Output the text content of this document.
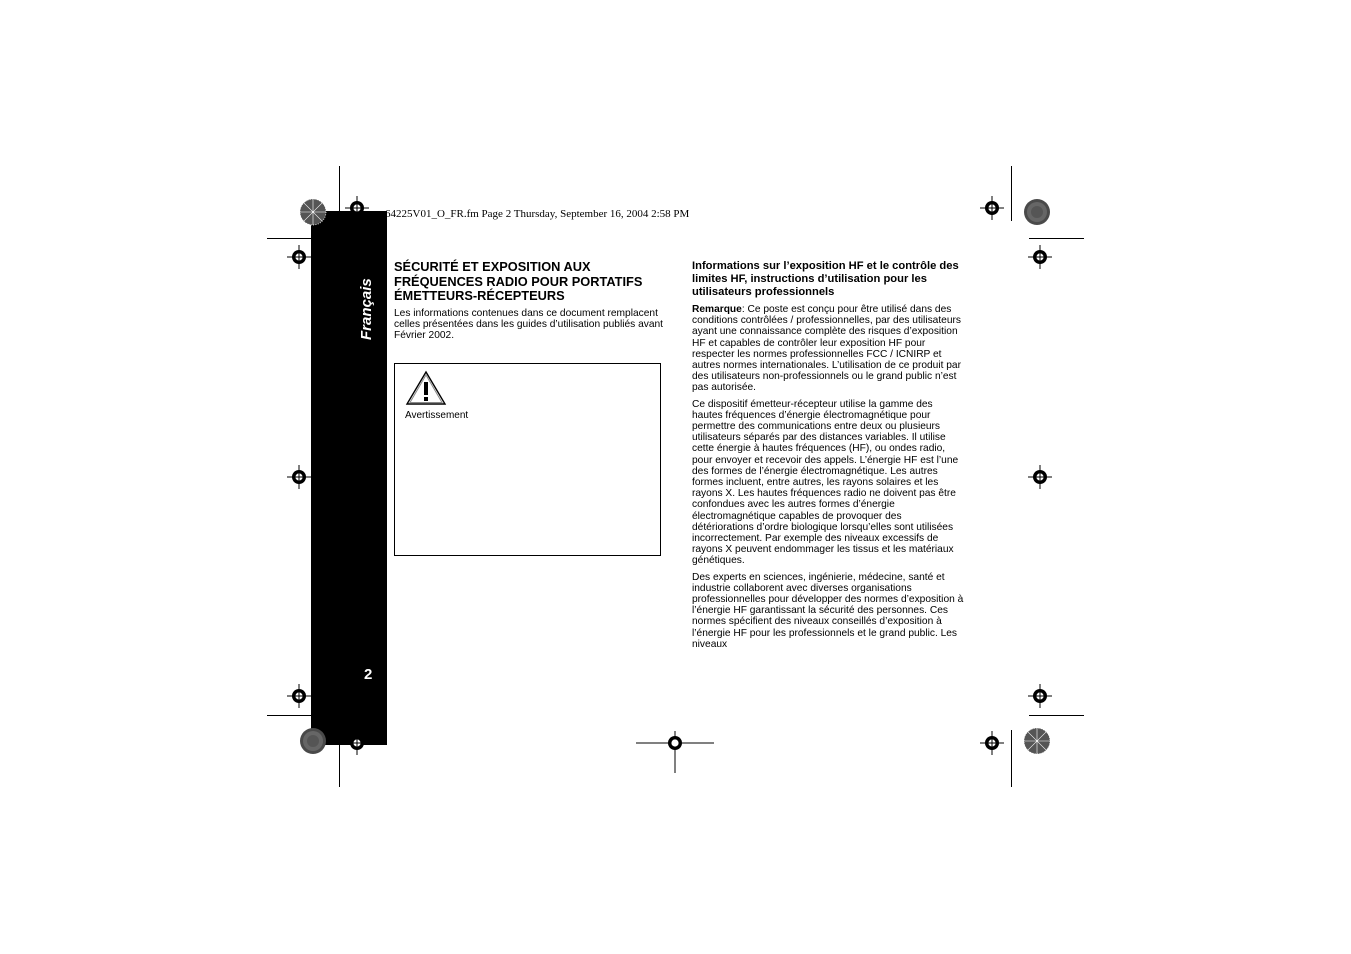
Français
2
64225V01_O_FR.fm Page 2 Thursday, September 16, 2004 2:58 PM
SÉCURITÉ ET EXPOSITION AUX FRÉQUENCES RADIO POUR PORTATIFS ÉMETTEURS-RÉCEPTEURS
Les informations contenues dans ce document remplacent celles présentées dans les guides d’utilisation publiés avant Février 2002.
Avertissement
Informations sur l’exposition HF et le contrôle des limites HF, instructions d’utilisation pour les utilisateurs professionnels

Remarque: Ce poste est conçu pour être utilisé dans des conditions contrôlées / professionnelles, par des utilisateurs ayant une connaissance complète des risques d’exposition HF et capables de contrôler leur exposition HF pour respecter les normes professionnelles FCC / ICNIRP et autres normes internationales. L’utilisation de ce produit par des utilisateurs non-professionnels ou le grand public n’est pas autorisée.

Ce dispositif émetteur-récepteur utilise la gamme des hautes fréquences d’énergie électromagnétique pour permettre des communications entre deux ou plusieurs utilisateurs séparés par des distances variables. Il utilise cette énergie à hautes fréquences (HF), ou ondes radio, pour envoyer et recevoir des appels. L’énergie HF est l’une des formes de l’énergie électromagnétique. Les autres formes incluent, entre autres, les rayons solaires et les rayons X. Les hautes fréquences radio ne doivent pas être confondues avec les autres formes d’énergie électromagnétique capables de provoquer des détériorations d’ordre biologique lorsqu’elles sont utilisées incorrectement. Par exemple des niveaux excessifs de rayons X peuvent endommager les tissus et les matériaux génétiques.

Des experts en sciences, ingénierie, médecine, santé et industrie collaborent avec diverses organisations professionnelles pour développer des normes d’exposition à l’énergie HF garantissant la sécurité des personnes. Ces normes spécifient des niveaux conseillés d’exposition à l’énergie HF pour les professionnels et le grand public. Les niveaux
